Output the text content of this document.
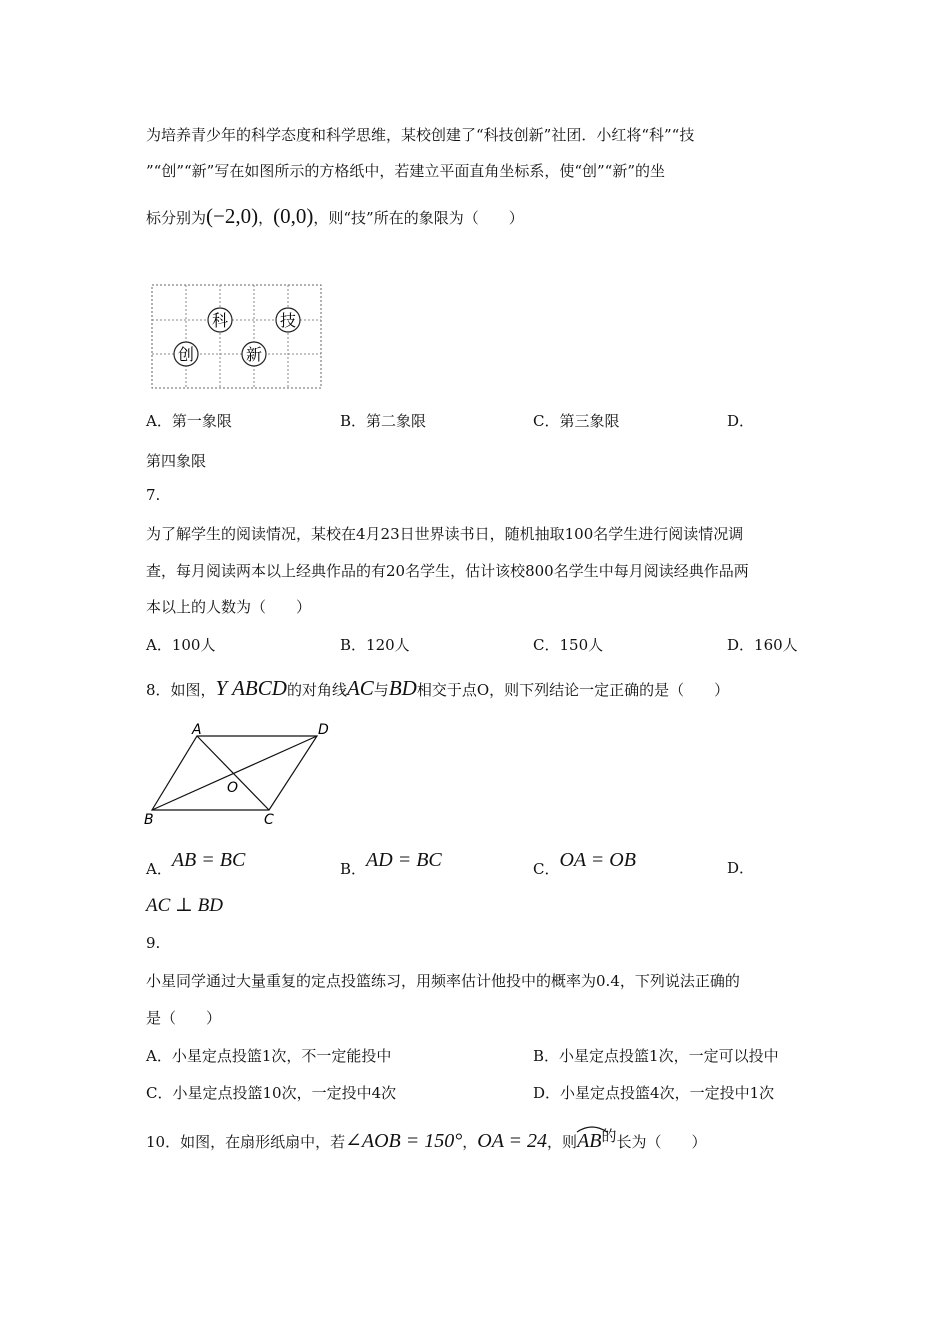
为培养青少年的科学态度和科学思维，某校创建了“科技创新”社团．小红将“科”“技
”“创”“新”写在如图所示的方格纸中，若建立平面直角坐标系，使“创”“新”的坐
标分别为(−2,0)，(0,0)，则“技”所在的象限为（　　）
科	技
创	新
A．第一象限	B．第二象限	C．第三象限	D．
第四象限
7.
为了解学生的阅读情况，某校在4月23日世界读书日，随机抽取100名学生进行阅读情况调
查，每月阅读两本以上经典作品的有20名学生，估计该校800名学生中每月阅读经典作品两
本以上的人数为（　　）
A．100人	B．120人	C．150人	D．160人
8．如图，Y ABCD的对角线AC与BD相交于点O，则下列结论一定正确的是（　　）
A	D
O
B	C
A．AB = BC	B．AD = BC	C．OA = OB	D．
AC ⊥ BD
9.
小星同学通过大量重复的定点投篮练习，用频率估计他投中的概率为0.4，下列说法正确的
是（　　）
A．小星定点投篮1次，不一定能投中	B．小星定点投篮1次，一定可以投中
C．小星定点投篮10次，一定投中4次	D．小星定点投篮4次，一定投中1次
10．如图，在扇形纸扇中，若∠AOB = 150°，OA = 24，则
AB的长为（　　）
